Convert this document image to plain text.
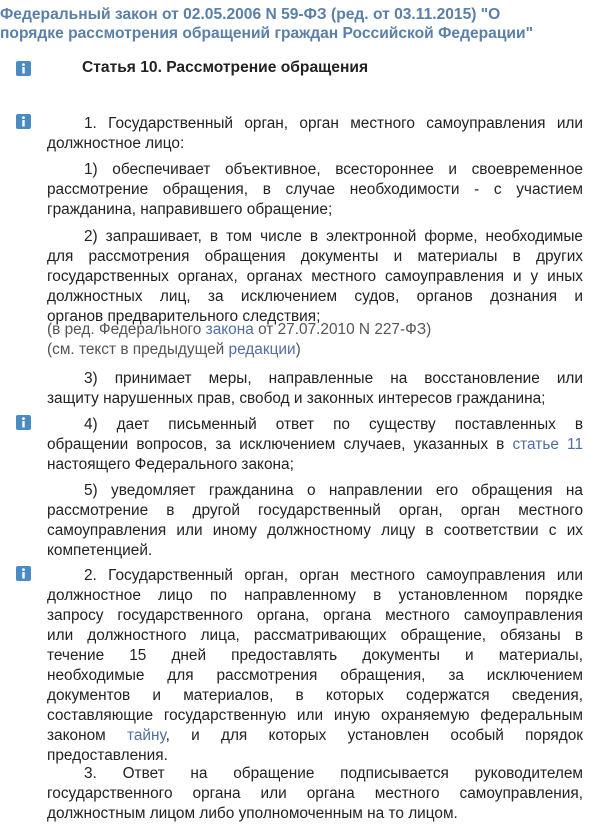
Федеральный закон от 02.05.2006 N 59-ФЗ (ред. от 03.11.2015) "О
порядке рассмотрения обращений граждан Российской Федерации"
Статья 10. Рассмотрение обращения
1. Государственный орган, орган местного самоуправления или
должностное лицо:
1) обеспечивает объективное, всестороннее и своевременное
рассмотрение обращения, в случае необходимости - с участием
гражданина, направившего обращение;
2) запрашивает, в том числе в электронной форме, необходимые
для рассмотрения обращения документы и материалы в других
государственных органах, органах местного самоуправления и у иных
должностных лиц, за исключением судов, органов дознания и
органов предварительного следствия;
(в ред. Федерального закона от 27.07.2010 N 227-ФЗ)
(см. текст в предыдущей редакции)
3) принимает меры, направленные на восстановление или
защиту нарушенных прав, свобод и законных интересов гражданина;
4) дает письменный ответ по существу поставленных в
обращении вопросов, за исключением случаев, указанных в статье 11
настоящего Федерального закона;
5) уведомляет гражданина о направлении его обращения на
рассмотрение в другой государственный орган, орган местного
самоуправления или иному должностному лицу в соответствии с их
компетенцией.
2. Государственный орган, орган местного самоуправления или
должностное лицо по направленному в установленном порядке
запросу государственного органа, органа местного самоуправления
или должностного лица, рассматривающих обращение, обязаны в
течение 15 дней предоставлять документы и материалы,
необходимые для рассмотрения обращения, за исключением
документов и материалов, в которых содержатся сведения,
составляющие государственную или иную охраняемую федеральным
законом тайну, и для которых установлен особый порядок
предоставления.
3. Ответ на обращение подписывается руководителем
государственного органа или органа местного самоуправления,
должностным лицом либо уполномоченным на то лицом.
